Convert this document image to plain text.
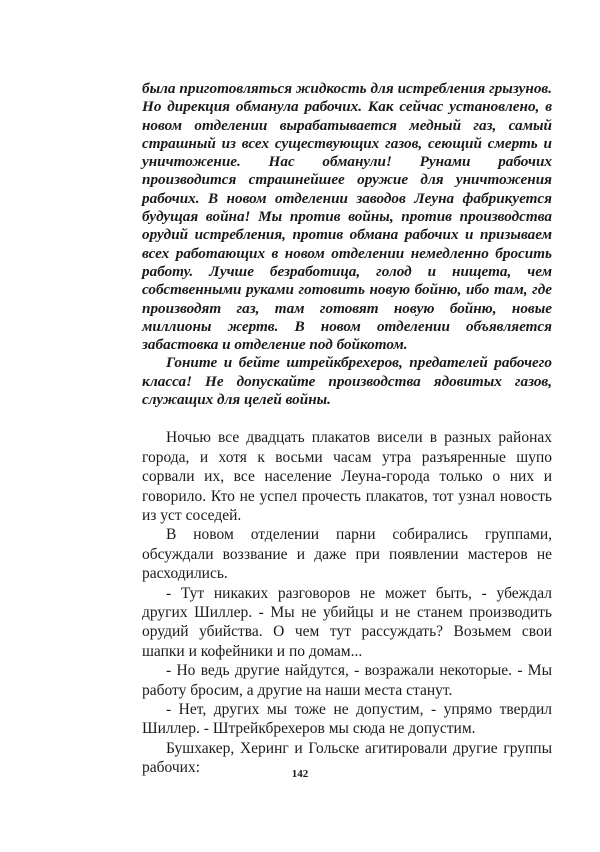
была приготовляться жидкость для истребления грызунов. Но дирекция обманула рабочих. Как сейчас установлено, в новом отделении вырабатывается медный газ, самый страшный из всех существующих газов, сеющий смерть и уничтожение. Нас обманули! Рунами рабочих производится страшнейшее оружие для уничтожения рабочих. В новом отделении заводов Леуна фабрикуется будущая война! Мы против войны, против производства орудий истребления, против обмана рабочих и призываем всех работающих в новом отделении немедленно бросить работу. Лучше безработица, голод и нищета, чем собственными руками готовить новую бойню, ибо там, где производят газ, там готовят новую бойню, новые миллионы жертв. В новом отделении объявляется забастовка и отделение под бойкотом.

Гоните и бейте штрейкбрехеров, предателей рабочего класса! Не допускайте производства ядовитых газов, служащих для целей войны.

Ночью все двадцать плакатов висели в разных районах города, и хотя к восьми часам утра разъяренные шупо сорвали их, все население Леуна-города только о них и говорило. Кто не успел прочесть плакатов, тот узнал новость из уст соседей.

В новом отделении парни собирались группами, обсуждали воззвание и даже при появлении мастеров не расходились.

- Тут никаких разговоров не может быть, - убеждал других Шиллер. - Мы не убийцы и не станем производить орудий убийства. О чем тут рассуждать? Возьмем свои шапки и кофейники и по домам...

- Но ведь другие найдутся, - возражали некоторые. - Мы работу бросим, а другие на наши места станут.

- Нет, других мы тоже не допустим, - упрямо твердил Шиллер. - Штрейкбрехеров мы сюда не допустим.

Бушхакер, Херинг и Гольске агитировали другие группы рабочих:	142
